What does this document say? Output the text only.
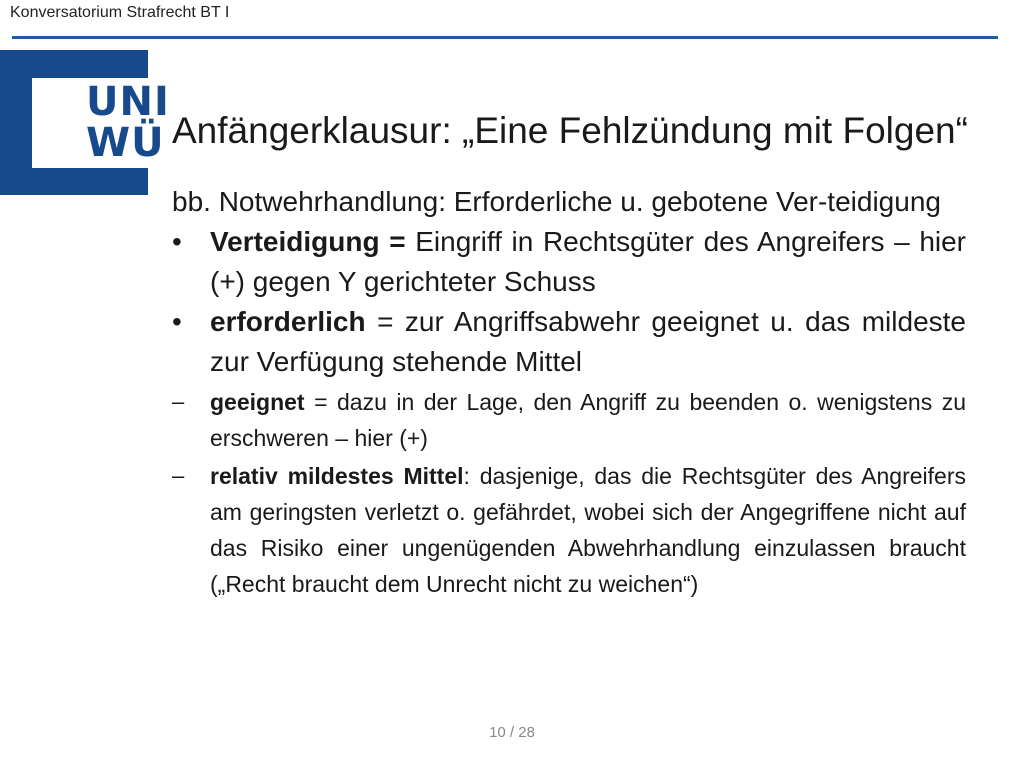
Konversatorium Strafrecht BT I
UNI
WÜ Anfängerklausur: „Eine Fehlzündung mit Folgen“

bb. Notwehrhandlung: Erforderliche u. gebotene Ver-teidigung

• Verteidigung = Eingriff in Rechtsgüter des Angreifers – hier (+) gegen Y gerichteter Schuss
• erforderlich = zur Angriffsabwehr geeignet u. das mildeste zur Verfügung stehende Mittel
– geeignet = dazu in der Lage, den Angriff zu beenden o. wenigstens zu erschweren – hier (+)
– relativ mildestes Mittel: dasjenige, das die Rechtsgüter des Angreifers am geringsten verletzt o. gefährdet, wobei sich der Angegriffene nicht auf das Risiko einer ungenügenden Abwehrhandlung einzulassen braucht („Recht braucht dem Unrecht nicht zu weichen“)
10 / 28
